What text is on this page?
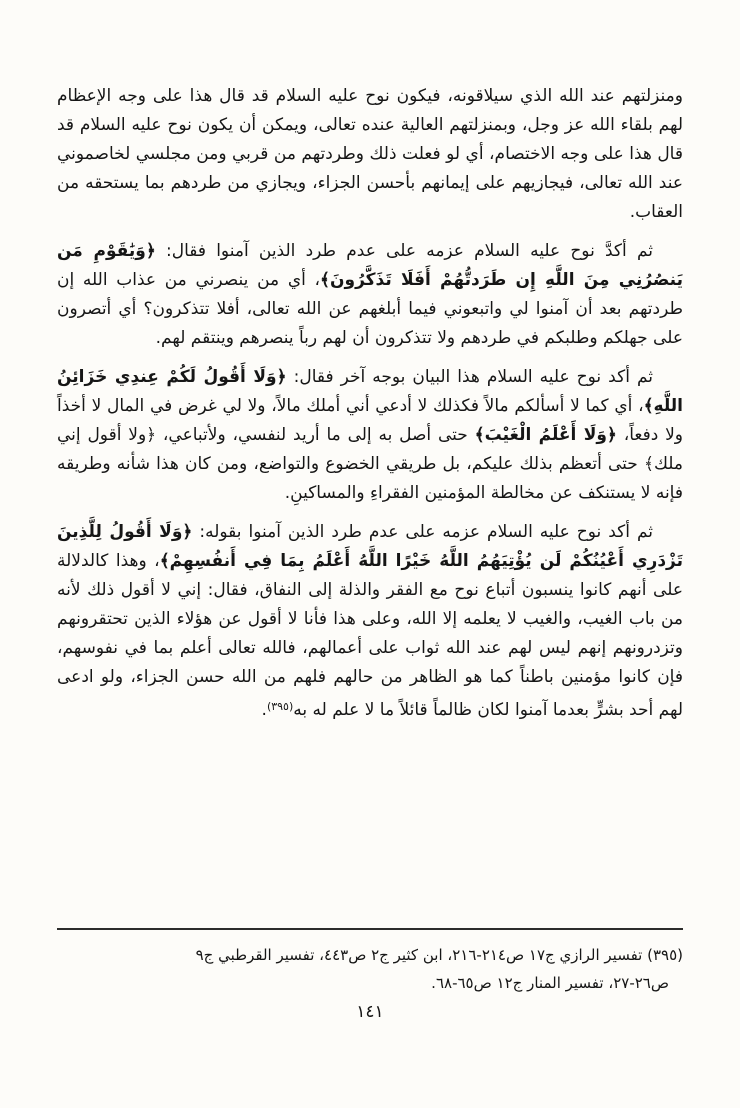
ومنزلتهم عند الله الذي سيلاقونه، فيكون نوح عليه السلام قد قال هذا على وجه الإعظام لهم بلقاء الله عز وجل، وبمنزلتهم العالية عنده تعالى، ويمكن أن يكون نوح عليه السلام قد قال هذا على وجه الاختصام، أي لو فعلت ذلك وطردتهم من قربي ومن مجلسي لخاصموني عند الله تعالى، فيجازيهم على إيمانهم بأحسن الجزاء، ويجازي من طردهم بما يستحقه من العقاب.

ثم أكدَّ نوح عليه السلام عزمه على عدم طرد الذين آمنوا فقال: ﴿وَيَٰقَوْمِ مَن يَنصُرُنِي مِنَ اللَّهِ إِن طَرَدتُّهُمْ أَفَلَا تَذَكَّرُونَ﴾، أي من ينصرني من عذاب الله إن طردتهم بعد أن آمنوا لي واتبعوني فيما أبلغهم عن الله تعالى، أفلا تتذكرون؟ أي أتصرون على جهلكم وطلبكم في طردهم ولا تتذكرون أن لهم رباً ينصرهم وينتقم لهم.

ثم أكد نوح عليه السلام هذا البيان بوجه آخر فقال: ﴿وَلَا أَقُولُ لَكُمْ عِندِي خَزَائِنُ اللَّهِ﴾، أي كما لا أسألكم مالاً فكذلك لا أدعي أني أملك مالاً، ولا لي غرض في المال لا أخذاً ولا دفعاً، ﴿وَلَا أَعْلَمُ الْغَيْبَ﴾ حتى أصل به إلى ما أريد لنفسي، ولأتباعي، ﴿ولا أقول إني ملك﴾ حتى أتعظم بذلك عليكم، بل طريقي الخضوع والتواضع، ومن كان هذا شأنه وطريقه فإنه لا يستنكف عن مخالطة المؤمنين الفقراءِ والمساكينِ.

ثم أكد نوح عليه السلام عزمه على عدم طرد الذين آمنوا بقوله: ﴿وَلَا أَقُولُ لِلَّذِينَ تَزْدَرِي أَعْيُنُكُمْ لَن يُؤْتِيَهُمُ اللَّهُ خَيْرًا اللَّهُ أَعْلَمُ بِمَا فِي أَنفُسِهِمْ﴾، وهذا كالدلالة على أنهم كانوا ينسبون أتباع نوح مع الفقر والذلة إلى النفاق، فقال: إني لا أقول ذلك لأنه من باب الغيب، والغيب لا يعلمه إلا الله، وعلى هذا فأنا لا أقول عن هؤلاء الذين تحتقرونهم وتزدرونهم إنهم ليس لهم عند الله ثواب على أعمالهم، فالله تعالى أعلم بما في نفوسهم، فإن كانوا مؤمنين باطناً كما هو الظاهر من حالهم فلهم من الله حسن الجزاء، ولو ادعى لهم أحد بشرٍّ بعدما آمنوا لكان ظالماً قائلاً ما لا علم له به$^{(٣٩٥)}$.

(٣٩٥) تفسير الرازي ج١٧ ص٢١٤-٢١٦، ابن كثير ج٢ ص٤٤٣، تفسير القرطبي ج٩
ص٢٦-٢٧، تفسير المنار ج١٢ ص٦٥-٦٨.
١٤١
